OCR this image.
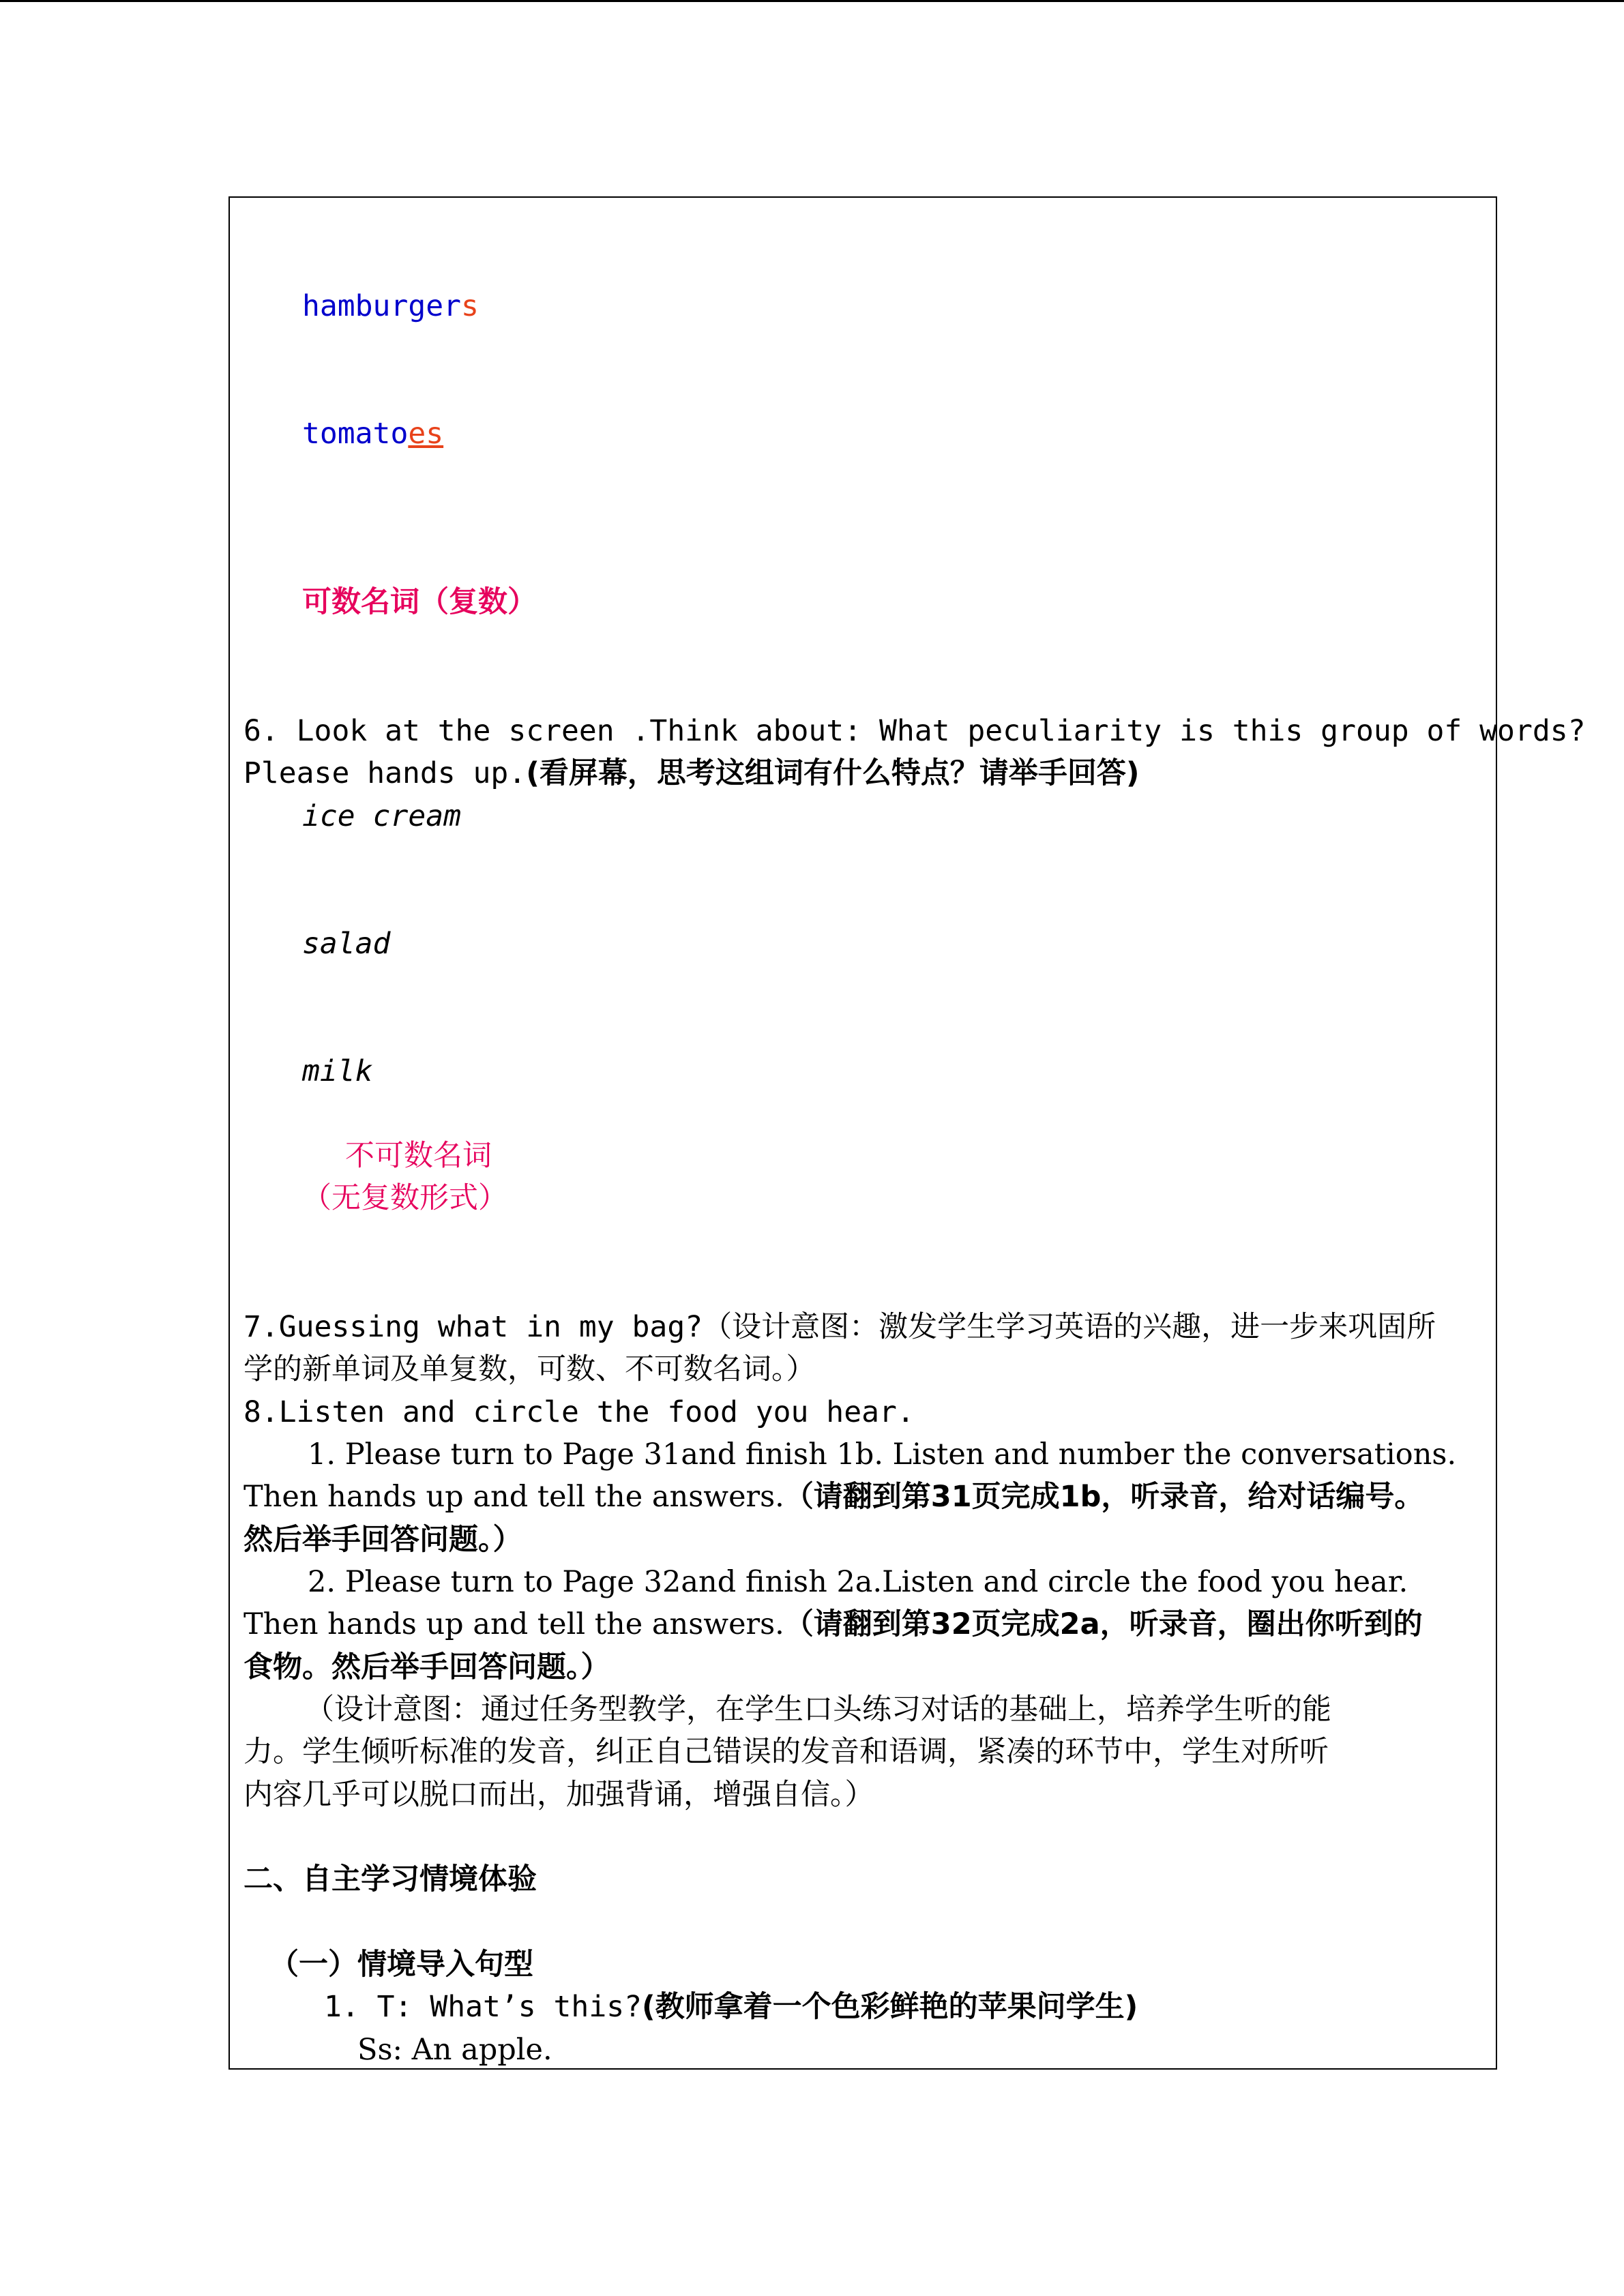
hamburgers
tomatoes
可数名词（复数）
6. Look at the screen .Think about: What peculiarity is this group of words?
Please hands up.(看屏幕，思考这组词有什么特点？请举手回答)
ice cream
salad
milk
不可数名词
（无复数形式）
7.Guessing what in my bag?（设计意图：激发学生学习英语的兴趣，进一步来巩固所
学的新单词及单复数，可数、不可数名词。）
8.Listen and circle the food you hear.
1. Please turn to Page 31and finish 1b. Listen and number the conversations.
Then hands up and tell the answers.（请翻到第31页完成1b，听录音，给对话编号。
然后举手回答问题。）
2. Please turn to Page 32and finish 2a.Listen and circle the food you hear.
Then hands up and tell the answers.（请翻到第32页完成2a，听录音，圈出你听到的
食物。然后举手回答问题。）
（设计意图：通过任务型教学，在学生口头练习对话的基础上，培养学生听的能
力。学生倾听标准的发音，纠正自己错误的发音和语调，紧凑的环节中，学生对所听
内容几乎可以脱口而出，加强背诵，增强自信。）
二、自主学习情境体验
（一）情境导入句型
1. T: What’s this?(教师拿着一个色彩鲜艳的苹果问学生)
Ss: An apple.
